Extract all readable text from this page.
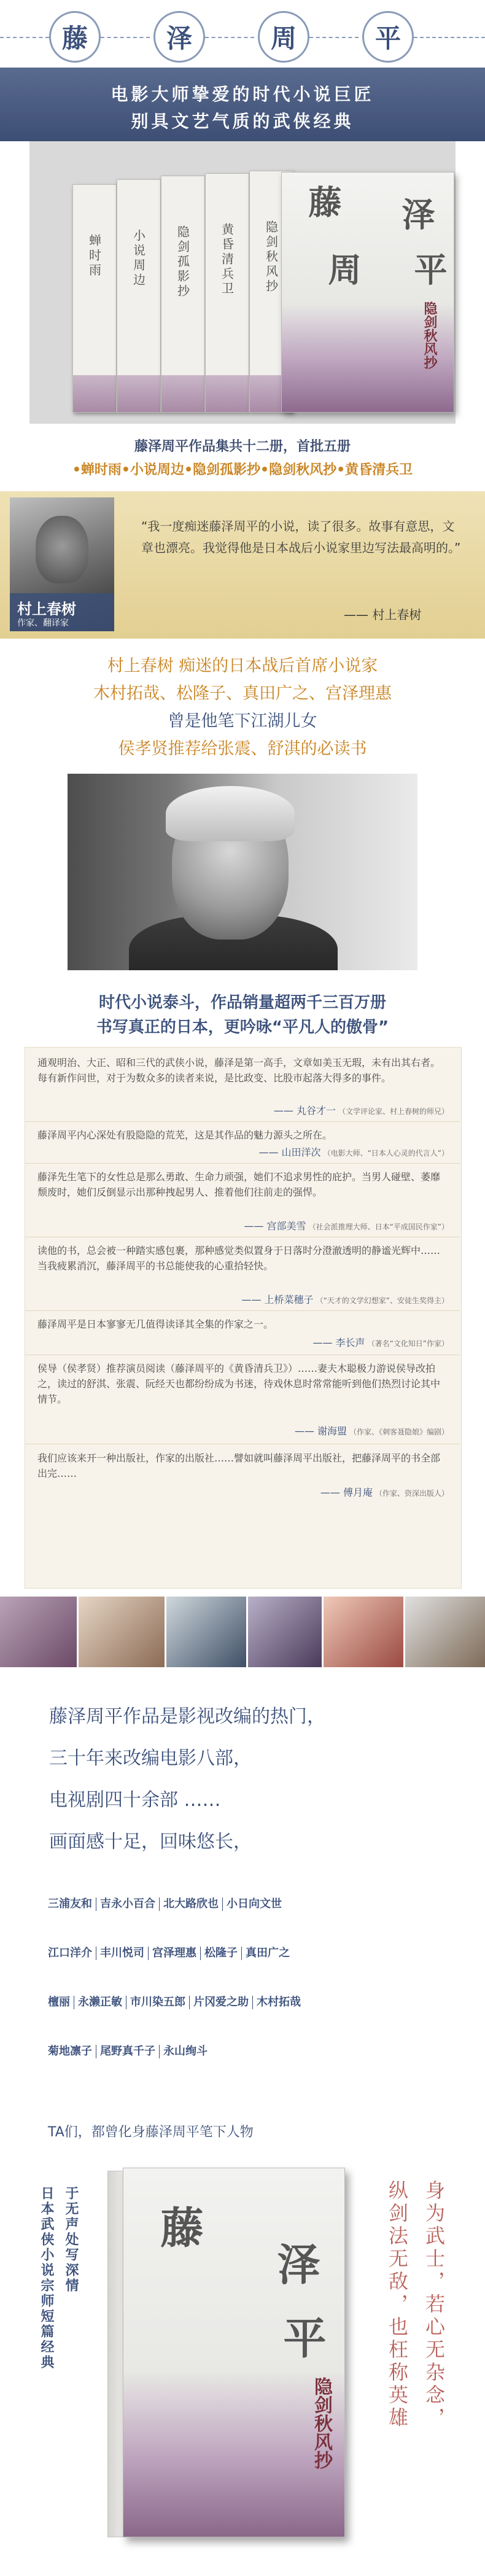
藤	泽	周	平
电影大师挚爱的时代小说巨匠
别具文艺气质的武侠经典
蝉时雨 小说周边 隐剑孤影抄 黄昏清兵卫 隐剑秋风抄
藤 泽
周 平
隐剑秋风抄
藤泽周平作品集共十二册，首批五册
•蝉时雨•小说周边•隐剑孤影抄•隐剑秋风抄•黄昏清兵卫
村上春树
作家、翻译家
“我一度痴迷藤泽周平的小说，读了很多。故事有意思，文章也漂亮。我觉得他是日本战后小说家里边写法最高明的。”
—— 村上春树
村上春树 痴迷的日本战后首席小说家
木村拓哉、松隆子、真田广之、宫泽理惠
曾是他笔下江湖儿女
侯孝贤推荐给张震、舒淇的必读书
时代小说泰斗，作品销量超两千三百万册
书写真正的日本，更吟咏“平凡人的傲骨”
通观明治、大正、昭和三代的武侠小说，藤泽是第一高手，文章如美玉无瑕，未有出其右者。每有新作问世，对于为数众多的读者来说，是比政变、比股市起落大得多的事件。
—— 丸谷才一 （文学评论家、村上春树的师兄）
藤泽周平内心深处有股隐隐的荒芜，这是其作品的魅力源头之所在。
—— 山田洋次 （电影大师、“日本人心灵的代言人”）
藤泽先生笔下的女性总是那么勇敢、生命力顽强，她们不追求男性的庇护。当男人碰壁、萎靡颓废时，她们反倒显示出那种拽起男人、推着他们往前走的强悍。
—— 宫部美雪 （社会派推理大师、日本“平成国民作家”）
读他的书，总会被一种踏实感包裹，那种感觉类似置身于日落时分澄澈透明的静谧光辉中……当我疲累消沉，藤泽周平的书总能使我的心重拾轻快。
—— 上桥菜穗子 （“天才的文学幻想家”、安徒生奖得主）
藤泽周平是日本寥寥无几值得读译其全集的作家之一。
—— 李长声 （著名“文化知日”作家）
侯导（侯孝贤）推荐演员阅读（藤泽周平的《黄昏清兵卫》）……妻夫木聪极力游说侯导改拍之，读过的舒淇、张震、阮经天也都纷纷成为书迷，待戏休息时常常能听到他们热烈讨论其中情节。
—— 谢海盟 （作家、《刺客聂隐娘》编剧）
我们应该来开一种出版社，作家的出版社……譬如就叫藤泽周平出版社，把藤泽周平的书全部出完……
—— 傅月庵 （作家、资深出版人）
藤泽周平作品是影视改编的热门，
三十年来改编电影八部，
电视剧四十余部 ……
画面感十足，回味悠长，
三浦友和 吉永小百合 北大路欣也 小日向文世
江口洋介 丰川悦司 宫泽理惠 松隆子 真田广之
檀丽 永濑正敏 市川染五郎 片冈爱之助 木村拓哉
菊地凛子 尾野真千子 永山绚斗
TA们，都曾化身藤泽周平笔下人物
日本武侠小说宗师短篇经典 于无声处写深情 藤
泽
平
隐剑秋风抄	身为武士，若心无杂念，
纵剑法无敌，也枉称英雄
